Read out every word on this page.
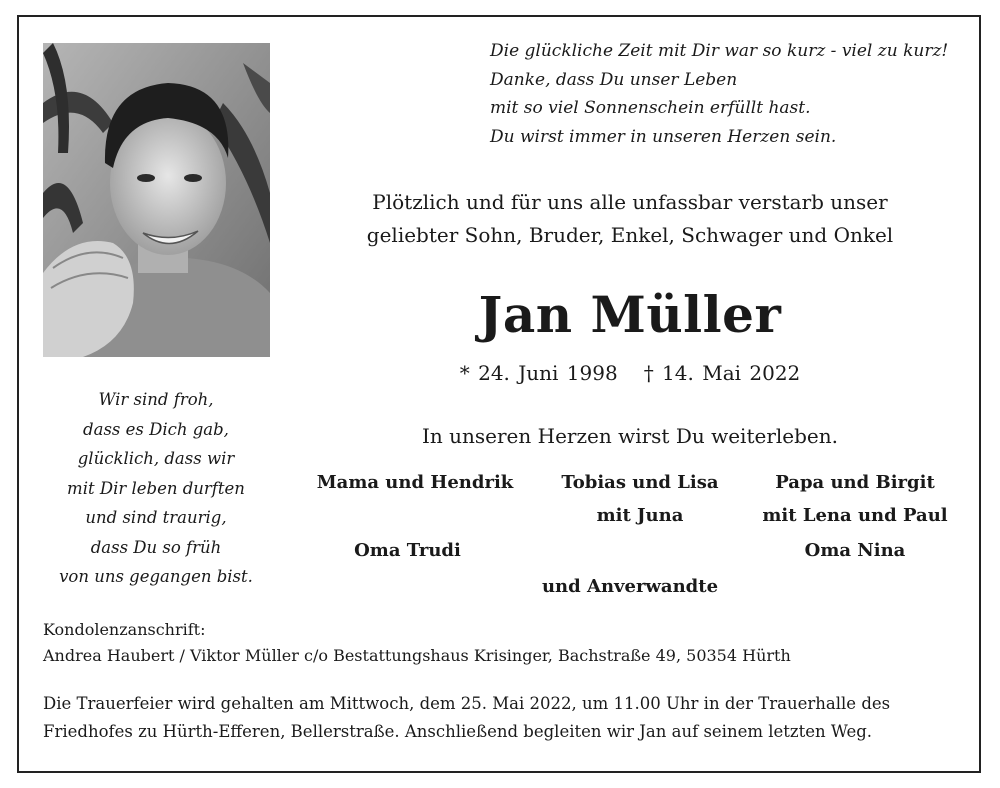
Die glückliche Zeit mit Dir war so kurz - viel zu kurz!
Danke, dass Du unser Leben
mit so viel Sonnenschein erfüllt hast.
Du wirst immer in unseren Herzen sein.
Plötzlich und für uns alle unfassbar verstarb unser
geliebter Sohn, Bruder, Enkel, Schwager und Onkel
Jan Müller
* 24. Juni 1998 † 14. Mai 2022
Wir sind froh,
dass es Dich gab,
glücklich, dass wir
mit Dir leben durften
und sind traurig,
dass Du so früh
von uns gegangen bist.
In unseren Herzen wirst Du weiterleben.
Mama und Hendrik	Tobias und Lisa
mit Juna
Papa und Birgit
mit Lena und Paul
Oma Trudi	Oma Nina
und Anverwandte
Kondolenzanschrift:
Andrea Haubert / Viktor Müller c/o Bestattungshaus Krisinger, Bachstraße 49, 50354 Hürth
Die Trauerfeier wird gehalten am Mittwoch, dem 25. Mai 2022, um 11.00 Uhr in der Trauerhalle des
Friedhofes zu Hürth-Efferen, Bellerstraße. Anschließend begleiten wir Jan auf seinem letzten Weg.
